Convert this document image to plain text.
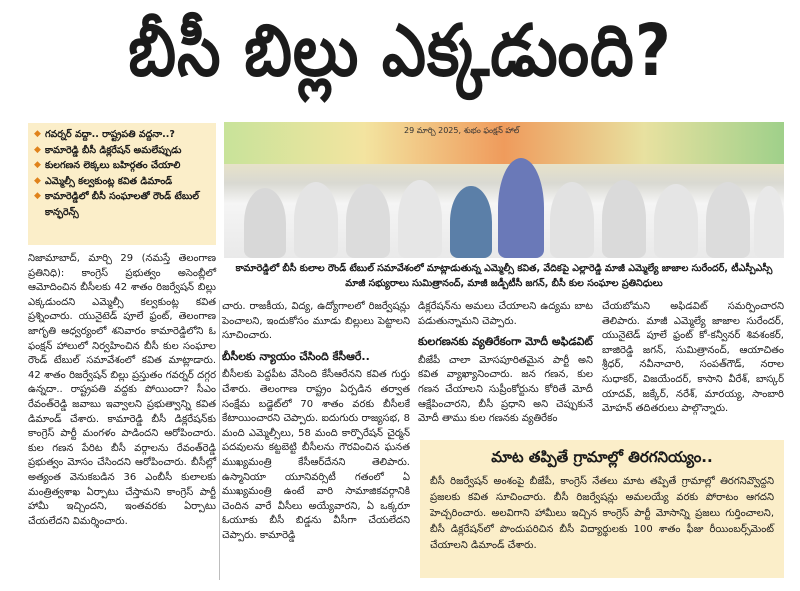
బీసీ బిల్లు ఎక్కడుంది?
◆ గవర్నర్ వద్దా.. రాష్ట్రపతి వద్దనా..?
◆ కామారెడ్డి బీసీ డిక్లరేషన్ అమలేప్పుడు
◆ కులగణన లెక్కలు బహిర్గతం చేయాలి
◆ ఎమ్మెల్సీ కల్వకుంట్ల కవిత డిమాండ్
◆ కామారెడ్డిలో బీసీ సంఘాలతో రౌండ్ టేబుల్ కాన్ఫరెన్స్
29 మార్చి 2025, శుభం ఫంక్షన్ హాల్
కామారెడ్డిలో బీసీ కులాల రౌండ్ టేబుల్ సమావేశంలో మాట్లాడుతున్న ఎమ్మెల్సీ కవిత, వేదికపై ఎల్లారెడ్డి మాజీ ఎమ్మెల్యే జాజాల సురేందర్, టీఎస్పీఎస్సీ మాజీ సభ్యురాలు సుమిత్రానంద్, మాజీ జడ్పీటీసీ జగన్, బీసీ కుల సంఘాల ప్రతినిధులు

నిజామాబాద్, మార్చి 29 (నమస్తే తెలంగాణ ప్రతినిధి): కాంగ్రెస్ ప్రభుత్వం అసెంబ్లీలో ఆమోదించిన బీసీలకు 42 శాతం రిజర్వేషన్ బిల్లు ఎక్కడుందని ఎమ్మెల్సీ కల్వకుంట్ల కవిత ప్రశ్నించారు. యునైటెడ్ పూలే ఫ్రంట్, తెలంగాణ జాగృతి ఆధ్వర్యంలో శనివారం కామారెడ్డిలోని ఓ ఫంక్షన్ హాలులో నిర్వహించిన బీసీ కుల సంఘాల రౌండ్ టేబుల్ సమావేశంలో కవిత మాట్లాడారు. 42 శాతం రిజర్వేషన్ బిల్లు ప్రస్తుతం గవర్నర్ దగ్గర ఉన్నదా.. రాష్ట్రపతి వద్దకు పోయిందా? సీఎం రేవంత్‌రెడ్డి జవాబు ఇవ్వాలని ప్రభుత్వాన్ని కవిత డిమాండ్ చేశారు. కామారెడ్డి బీసీ డిక్లరేషన్‌కు కాంగ్రెస్ పార్టీ మంగళం పాడిందని ఆరోపించారు. కుల గణన పేరిట బీసీ వర్గాలను రేవంత్‌రెడ్డి ప్రభుత్వం మోసం చేసిందని ఆరోపించారు. బీసీల్లో అత్యంత వెనుకబడిన 36 ఎంబీసీ కులాలకు మంత్రిత్వశాఖ ఏర్పాటు చేస్తామని కాంగ్రెస్ పార్టీ హామీ ఇచ్చిందని, ఇంతవరకు ఏర్పాటు చేయలేదని విమర్శించారు.

చారు. రాజకీయ, విద్య, ఉద్యోగాలలో రిజర్వేషన్లు పెంచాలని, ఇందుకోసం మూడు బిల్లులు పెట్టాలని సూచించారు.

బీసీలకు న్యాయం చేసింది కేసీఆరే..

బీసీలకు పెద్దపీట వేసింది కేసీఆరేనని కవిత గుర్తు చేశారు. తెలంగాణ రాష్ట్రం ఏర్పడిన తర్వాత సంక్షేమ బడ్జెట్‌లో 70 శాతం వరకు బీసీలకే కేటాయించారని చెప్పారు. ఐదుగురు రాజ్యసభ, 8 మంది ఎమ్మెల్సీలు, 58 మంది కార్పొరేషన్ చైర్మన్ పదవులను కట్టబెట్టి బీసీలను గౌరవించిన ఘనత ముఖ్యమంత్రి కేసీఆర్‌దేనని తెలిపారు. ఉస్మానియా యూనివర్సిటీ గతంలో ఏ ముఖ్యమంత్రి ఉంటే వారి సామాజికవర్గానికి చెందిన వారే వీసీలు అయ్యేవారని, ఏ ఒక్కరూ ఓయూకు బీసీ బిడ్డను వీసీగా చేయలేదని చెప్పారు. కామారెడ్డి

డిక్లరేషన్‌ను అమలు చేయాలని ఉద్యమ బాట పడుతున్నామని చెప్పారు.

కులగణనకు వ్యతిరేకంగా మోదీ అఫిడవిట్

బీజేపీ చాలా మోసపూరితమైన పార్టీ అని కవిత వ్యాఖ్యానించారు. జన గణన, కుల గణన చేయాలని సుప్రీంకోర్టును కోరితే మోదీ ఆక్షేపించారని, బీసీ ప్రధాని అని చెప్పుకునే మోదీ తాము కుల గణనకు వ్యతిరేకం

చేయబోమని అఫిడవిట్ సమర్పించారని తెలిపారు. మాజీ ఎమ్మెల్యే జాజాల సురేందర్, యునైటెడ్ పూలే ఫ్రంట్ కో-కన్వీనర్ శివశంకర్, బాజిరెడ్డి జగన్, సుమిత్రానంద్, ఆయాచితం శ్రీధర్, నవీనాచారి, సంపత్‌గౌడ్, నరాల సుధాకర్, విజయేందర్, కాసాని వీరేశ్, బాస్కర్ యాదవ్, జక్కేర్, నరేశ్, మారయ్య, సాంబారి మోహన్ తదితరులు పాల్గొన్నారు.

మాట తప్పితే గ్రామాల్లో తిరగనియ్యం..
బీసీ రిజర్వేషన్ అంశంపై బీజేపీ, కాంగ్రెస్ నేతలు మాట తప్పితే గ్రామాల్లో తిరగనివ్వొద్దని ప్రజలకు కవిత సూచించారు. బీసీ రిజర్వేషన్లు అమలయ్యే వరకు పోరాటం ఆగదని హెచ్చరించారు. అలవిగాని హామీలు ఇచ్చిన కాంగ్రెస్ పార్టీ మోసాన్ని ప్రజలు గుర్తించాలని, బీసీ డిక్లరేషన్‌లో పొందుపరిచిన బీసీ విద్యార్థులకు 100 శాతం ఫీజు రీయింబర్స్‌మెంట్ చేయాలని డిమాండ్ చేశారు.
